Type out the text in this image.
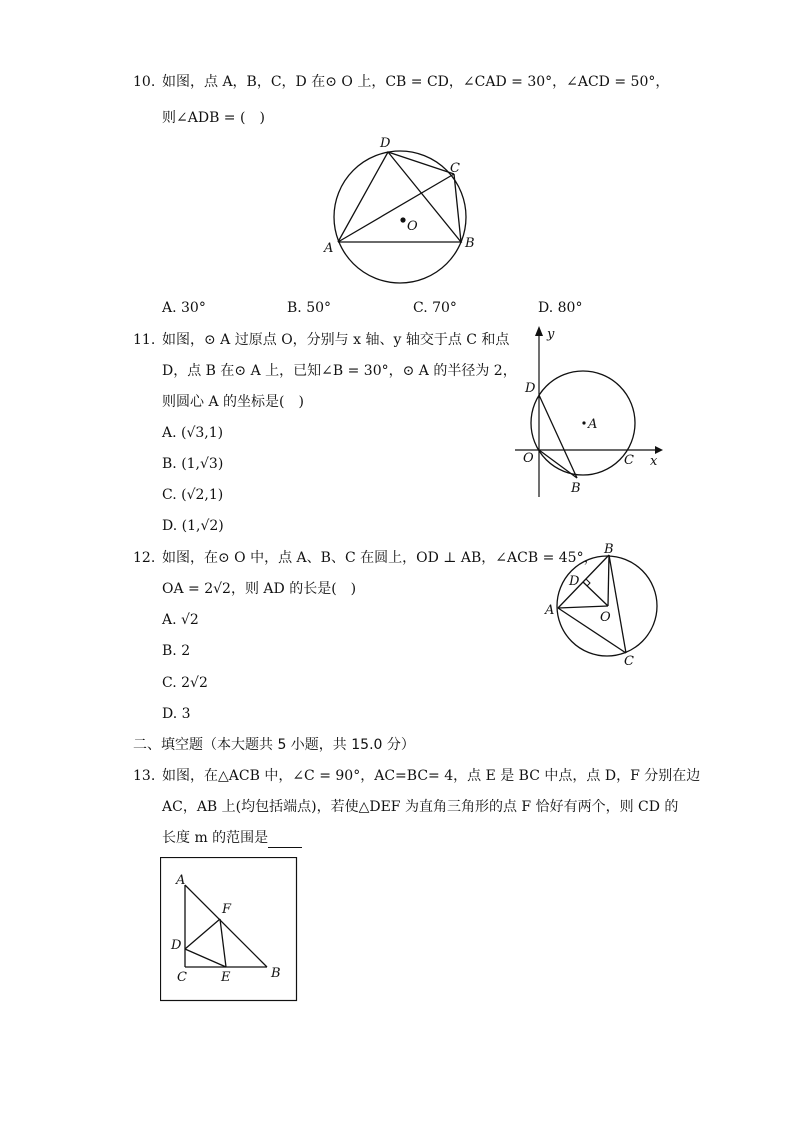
10. 如图，点 A，B，C，D 在⊙ O 上，CB = CD，∠CAD = 30°，∠ACD = 50°，
则∠ADB = (　)
D
C
O
A	B
A. 30°	B. 50°	C. 70°	D. 80°
11. 如图，⊙ A 过原点 O，分别与 x 轴、y 轴交于点 C 和点
D，点 B 在⊙ A 上，已知∠B = 30°，⊙ A 的半径为 2，
则圆心 A 的坐标是(　)
A. (√3,1)
B. (1,√3)
C. (√2,1)
D. (1,√2)
y
D
A
O	C x
B
12. 如图，在⊙ O 中，点 A、B、C 在圆上，OD ⊥ AB，∠ACB = 45°，
OA = 2√2，则 AD 的长是(　)
A. √2
B. 2
C. 2√2
D. 3
B
D
A	O
C
二、填空题（本大题共 5 小题，共 15.0 分）
13. 如图，在△ACB 中，∠C = 90°，AC=BC= 4，点 E 是 BC 中点，点 D，F 分别在边
AC，AB 上(均包括端点)，若使△DEF 为直角三角形的点 F 恰好有两个，则 CD 的
长度 m 的范围是
A
F
D
C	E	B
